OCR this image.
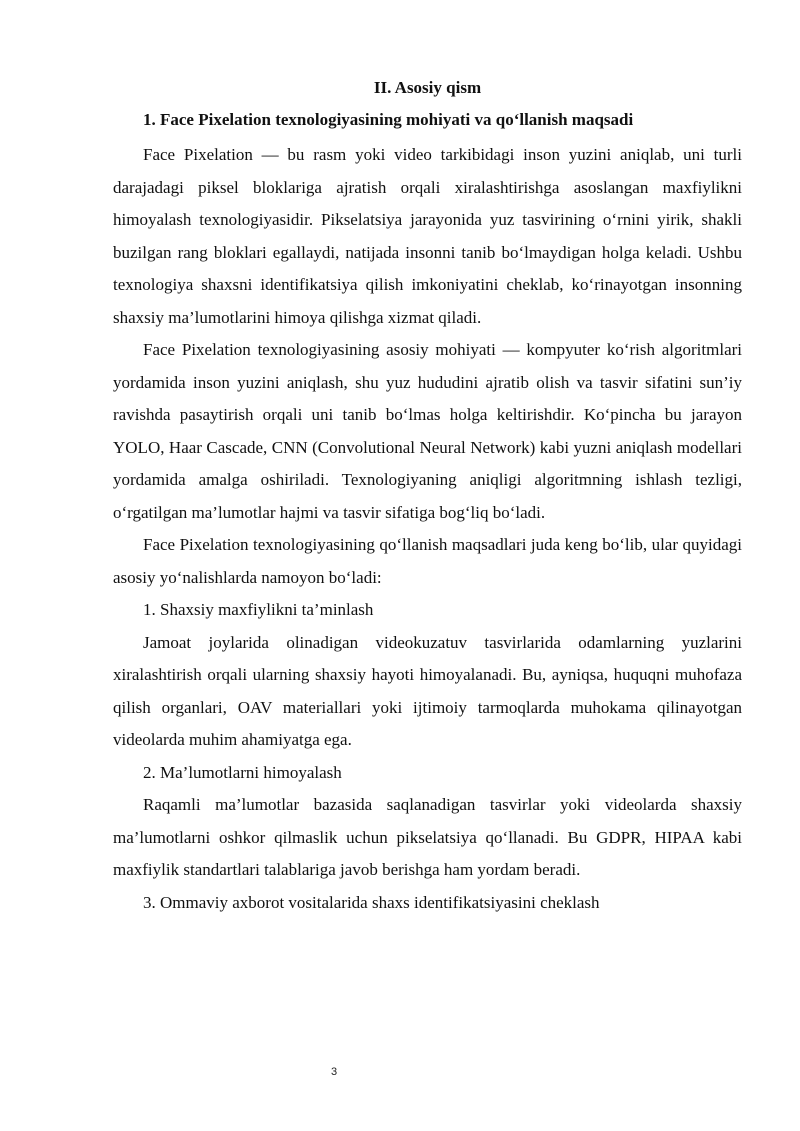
II. Asosiy qism
1. Face Pixelation texnologiyasining mohiyati va qo‘llanish maqsadi

Face Pixelation — bu rasm yoki video tarkibidagi inson yuzini aniqlab, uni turli darajadagi piksel bloklariga ajratish orqali xiralashtirishga asoslangan maxfiylikni himoyalash texnologiyasidir. Pikselatsiya jarayonida yuz tasvirining o‘rnini yirik, shakli buzilgan rang bloklari egallaydi, natijada insonni tanib bo‘lmaydigan holga keladi. Ushbu texnologiya shaxsni identifikatsiya qilish imkoniyatini cheklab, ko‘rinayotgan insonning shaxsiy ma’lumotlarini himoya qilishga xizmat qiladi.

Face Pixelation texnologiyasining asosiy mohiyati — kompyuter ko‘rish algoritmlari yordamida inson yuzini aniqlash, shu yuz hududini ajratib olish va tasvir sifatini sun’iy ravishda pasaytirish orqali uni tanib bo‘lmas holga keltirishdir. Ko‘pincha bu jarayon YOLO, Haar Cascade, CNN (Convolutional Neural Network) kabi yuzni aniqlash modellari yordamida amalga oshiriladi. Texnologiyaning aniqligi algoritmning ishlash tezligi, o‘rgatilgan ma’lumotlar hajmi va tasvir sifatiga bog‘liq bo‘ladi.

Face Pixelation texnologiyasining qo‘llanish maqsadlari juda keng bo‘lib, ular quyidagi asosiy yo‘nalishlarda namoyon bo‘ladi:

1. Shaxsiy maxfiylikni ta’minlash

Jamoat joylarida olinadigan videokuzatuv tasvirlarida odamlarning yuzlarini xiralashtirish orqali ularning shaxsiy hayoti himoyalanadi. Bu, ayniqsa, huquqni muhofaza qilish organlari, OAV materiallari yoki ijtimoiy tarmoqlarda muhokama qilinayotgan videolarda muhim ahamiyatga ega.

2. Ma’lumotlarni himoyalash

Raqamli ma’lumotlar bazasida saqlanadigan tasvirlar yoki videolarda shaxsiy ma’lumotlarni oshkor qilmaslik uchun pikselatsiya qo‘llanadi. Bu GDPR, HIPAA kabi maxfiylik standartlari talablariga javob berishga ham yordam beradi.

3. Ommaviy axborot vositalarida shaxs identifikatsiyasini cheklash

3
